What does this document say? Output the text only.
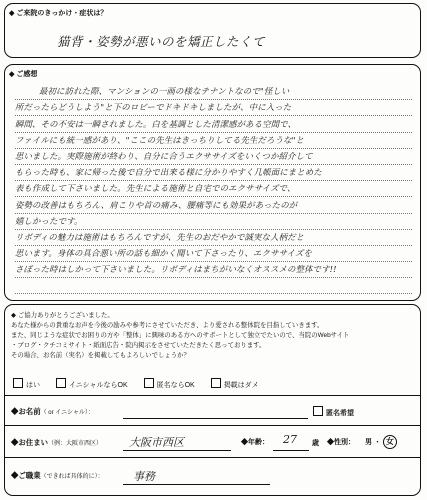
◆ ご来院のきっかけ・症状は？
猫背・姿勢が悪いのを矯正したくて
◆ ご感想
最初に訪れた際、マンションの一画の様なテナントなので"怪しい
所だったらどうしよう"と下のロビーでドキドキしましたが、中に入った
瞬間、その不安は一瞬されました。白を基調とした清潔感がある空間で、
ファイルにも統一感があり、"ここの先生はきっちりしてる先生だろうな"と
思いました。実際施術が終わり、自分に合うエクササイズをいくつか紹介して
もらった時も、家に帰った後で自分で出来る様に分かりやすく几帳面にまとめた
表も作成して下さいました。先生による施術と自宅でのエクササイズで、
姿勢の改善はもちろん、肩こりや首の痛み、腰痛等にも効果があったのが
嬉しかったです。
リボディの魅力は施術はもちろんですが、先生のおだやかで誠実な人柄だと
思います。身体の具合悪い所の話も細かく聞いて下さったり、エクササイズを
さぼった時はしかって下さいました。リボディはまちがいなくオススメの整体です!!
◆ ご協力ありがとうございました。
あなた様からの貴重なお声を今後の励みや参考にさせていただき、より愛される整体院を目指していきます。
また、同じような症状でお困りの方や「整体」に興味のある方へのサポートとして独立でたいので、当院のWebサイト
・ブログ・クチコミサイト・紙面広告・院内掲示をさせていただきたく思っております。
その場合、お名前（実名）を掲載してもよろしいでしょうか？
はい	イニシャルならOK	匿名ならOK	掲載はダメ
◆お名前（ or イニシャル）：	匿名希望
◆お住まい（例：大阪市西区） 大阪市西区	◆年齢： 27 歳 ◆性別： 男 ・ 女
◆ご職業（できれば具体的に）：	事務
